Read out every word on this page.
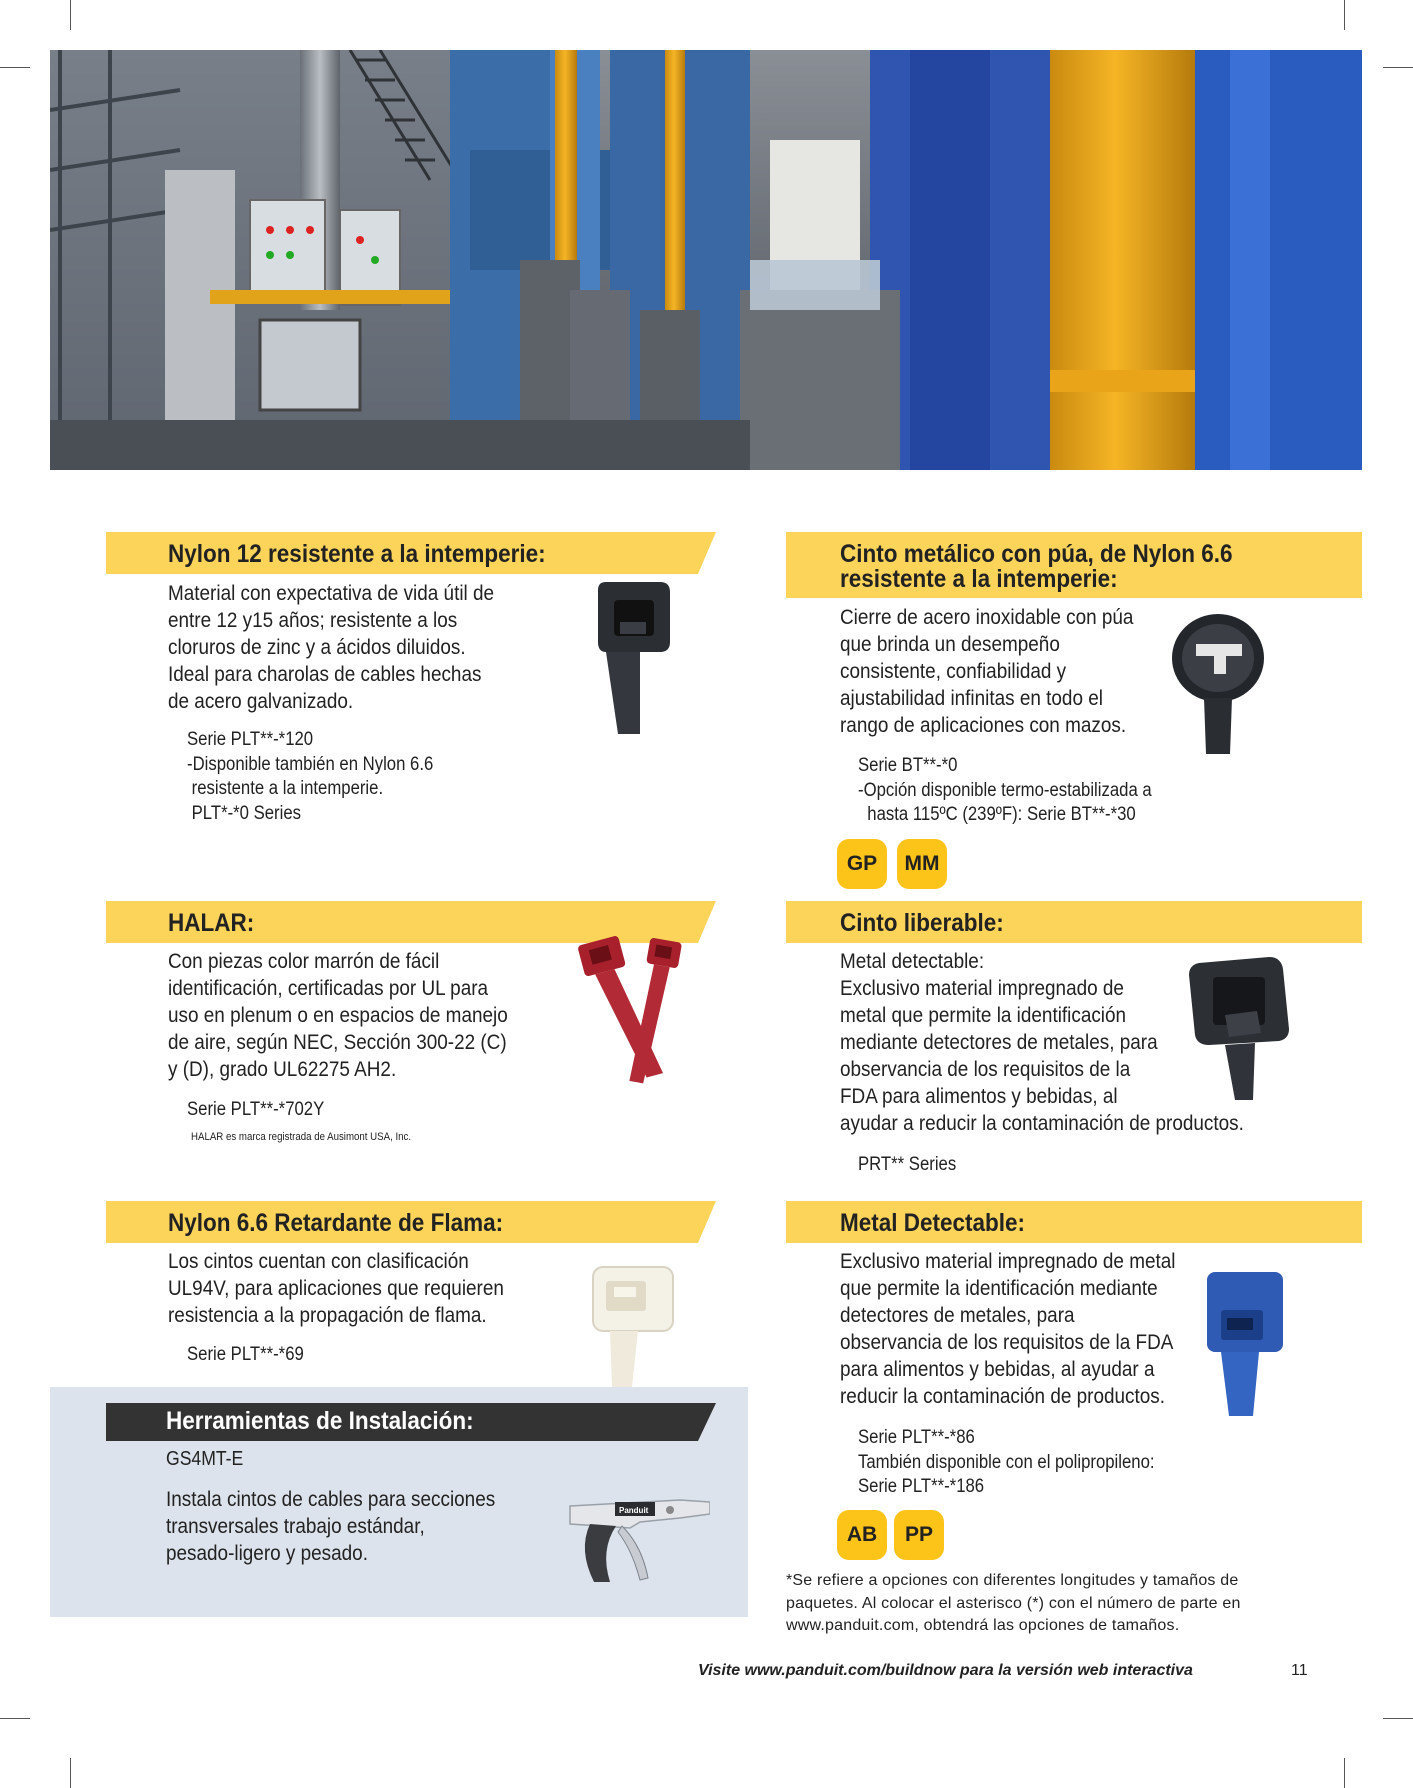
Nylon 12 resistente a la intemperie:
Material con expectativa de vida útil de
entre 12 y15 años; resistente a los
cloruros de zinc y a ácidos diluidos.
Ideal para charolas de cables hechas
de acero galvanizado.
Serie PLT**-*120
-Disponible también en Nylon 6.6
resistente a la intemperie.
PLT*-*0 Series
HALAR:
Con piezas color marrón de fácil
identificación, certificadas por UL para
uso en plenum o en espacios de manejo
de aire, según NEC, Sección 300-22 (C)
y (D), grado UL62275 AH2.
Serie PLT**-*702Y
HALAR es marca registrada de Ausimont USA, Inc.
Nylon 6.6 Retardante de Flama:
Los cintos cuentan con clasificación
UL94V, para aplicaciones que requieren
resistencia a la propagación de flama.
Serie PLT**-*69
Herramientas de Instalación:
GS4MT-E
Instala cintos de cables para secciones
transversales trabajo estándar,
pesado-ligero y pesado.
Panduit
Cinto metálico con púa, de Nylon 6.6
resistente a la intemperie:
Cierre de acero inoxidable con púa
que brinda un desempeño
consistente, confiabilidad y
ajustabilidad infinitas en todo el
rango de aplicaciones con mazos.
Serie BT**-*0
-Opción disponible termo-estabilizada a
hasta 115ºC (239ºF): Serie BT**-*30
GP	MM
Cinto liberable:
Metal detectable:
Exclusivo material impregnado de
metal que permite la identificación
mediante detectores de metales, para
observancia de los requisitos de la
FDA para alimentos y bebidas, al
ayudar a reducir la contaminación de productos.
PRT** Series
Metal Detectable:
Exclusivo material impregnado de metal
que permite la identificación mediante
detectores de metales, para
observancia de los requisitos de la FDA
para alimentos y bebidas, al ayudar a
reducir la contaminación de productos.
Serie PLT**-*86
También disponible con el polipropileno:
Serie PLT**-*186
AB	PP
*Se refiere a opciones con diferentes longitudes y tamaños de
paquetes. Al colocar el asterisco (*) con el número de parte en
www.panduit.com, obtendrá las opciones de tamaños.
Visite www.panduit.com/buildnow para la versión web interactiva	11
